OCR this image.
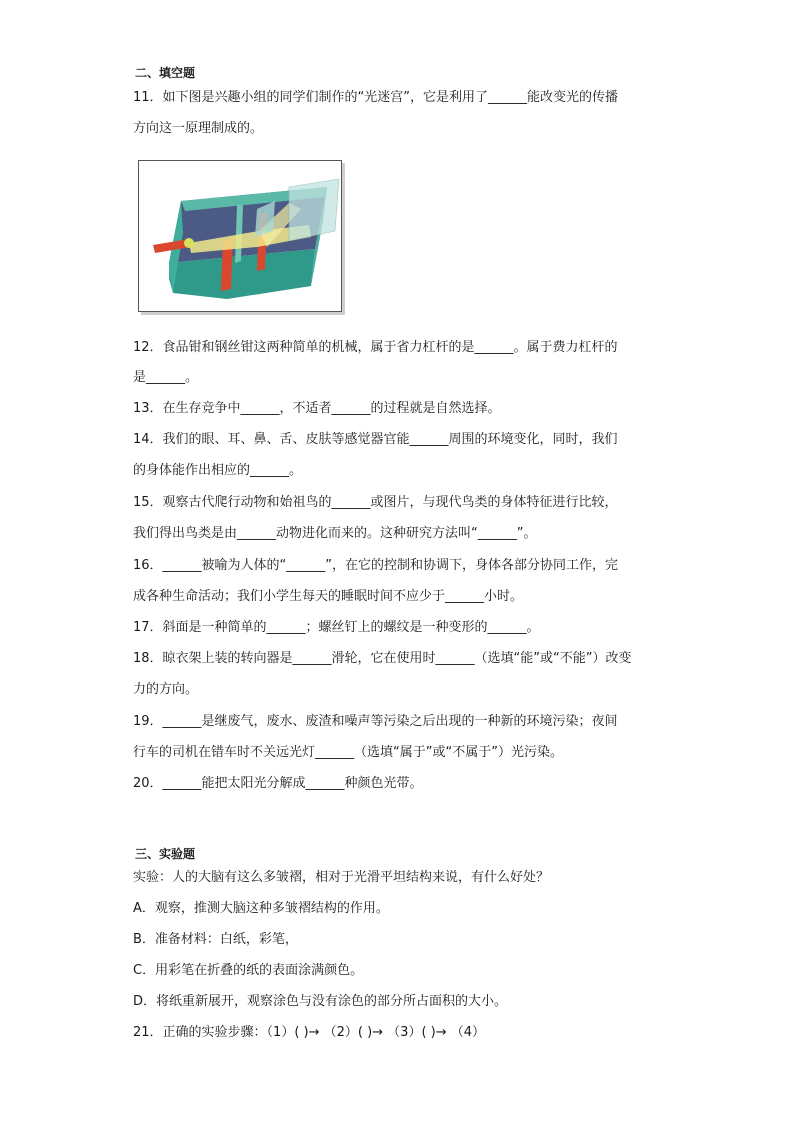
二、填空题
11．如下图是兴趣小组的同学们制作的“光迷宫”，它是利用了______能改变光的传播
方向这一原理制成的。
12．食品钳和钢丝钳这两种简单的机械，属于省力杠杆的是______。属于费力杠杆的
是______。
13．在生存竞争中______，不适者______的过程就是自然选择。
14．我们的眼、耳、鼻、舌、皮肤等感觉器官能______周围的环境变化，同时，我们
的身体能作出相应的______。
15．观察古代爬行动物和始祖鸟的______或图片，与现代鸟类的身体特征进行比较，
我们得出鸟类是由______动物进化而来的。这种研究方法叫“______”。
16．______被喻为人体的“______”，在它的控制和协调下，身体各部分协同工作，完
成各种生命活动；我们小学生每天的睡眠时间不应少于______小时。
17．斜面是一种简单的______；螺丝钉上的螺纹是一种变形的______。
18．晾衣架上装的转向器是______滑轮，它在使用时______（选填“能”或“不能”）改变
力的方向。
19．______是继废气，废水、废渣和噪声等污染之后出现的一种新的环境污染；夜间
行车的司机在错车时不关远光灯______（选填“属于”或“不属于”）光污染。
20．______能把太阳光分解成______种颜色光带。
三、实验题
实验：人的大脑有这么多皱褶，相对于光滑平坦结构来说，有什么好处？
A．观察，推测大脑这种多皱褶结构的作用。
B．准备材料：白纸，彩笔，
C．用彩笔在折叠的纸的表面涂满颜色。
D．将纸重新展开，观察涂色与没有涂色的部分所占面积的大小。
21．正确的实验步骤：（1）( )→ （2）( )→ （3）( )→ （4）
